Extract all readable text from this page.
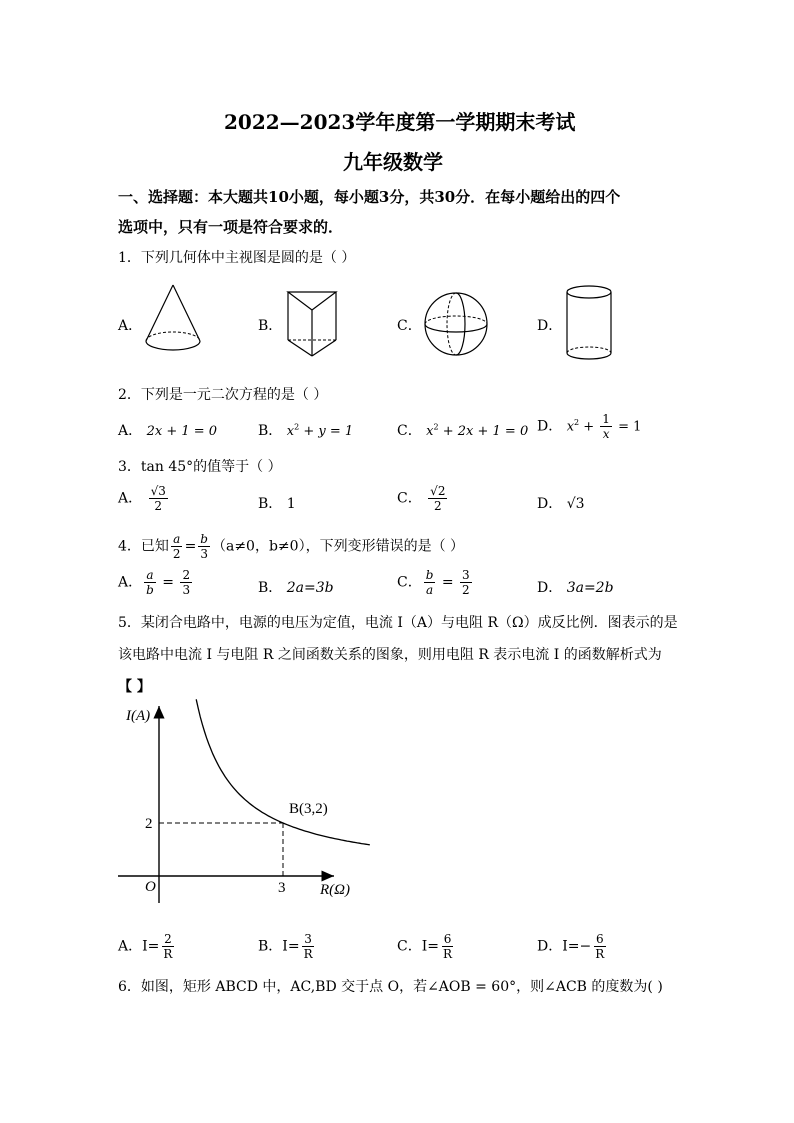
2022—2023学年度第一学期期末考试
九年级数学
一、选择题：本大题共10小题，每小题3分，共30分．在每小题给出的四个
选项中，只有一项是符合要求的．
1．下列几何体中主视图是圆的是（ ）
A．	B．	C．	D．
2．下列是一元二次方程的是（ ）
A． 2x + 1 = 0	B． $x^2 + y = 1$	C． $x^2 + 2x + 1 = 0$ D． $x^2 + \frac{1}{x} = 1$
3．tan 45°的值等于（ ）
A． $\frac{√3}{2}$	B． 1	C． $\frac{√2}{2}$	D． √3
4．已知 $\frac{a}{2} = \frac{b}{3} (a\ne 0$，b≠0），下列变形错误的是（ ）
A． $\frac{a}{b} = \frac{2}{3}$	B． 2a=3b	C． $\frac{b}{a} = \frac{3}{2}$	D． 3a=2b
5．某闭合电路中，电源的电压为定值，电流 I（A）与电阻 R（Ω）成反比例．图表示的是
该电路中电流 I 与电阻 R 之间函数关系的图象，则用电阻 R 表示电流 I 的函数解析式为
【 】
I(A)
R(Ω)
O
B(3,2)
3
2
A．$I= \frac{2}{R}$	B．$I= \frac{3}{R}$	C．$I= \frac{6}{R}$	D．$I=- \frac{6}{R}$
6．如图，矩形 ABCD 中，AC,BD 交于点 O，若∠AOB = 60°，则∠ACB 的度数为( )
